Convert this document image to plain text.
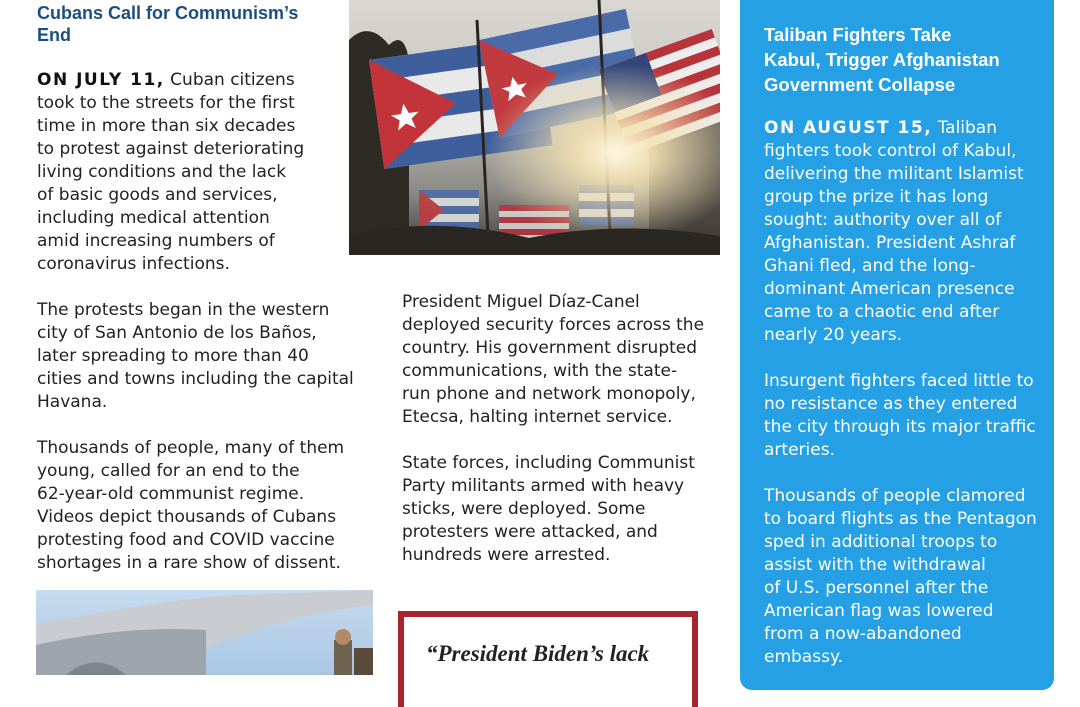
Cubans Call for Communism’s
End

ON JULY 11, Cuban citizens
took to the streets for the first
time in more than six decades
to protest against deteriorating
living conditions and the lack
of basic goods and services,
including medical attention
amid increasing numbers of
coronavirus infections.

The protests began in the western
city of San Antonio de los Baños,
later spreading to more than 40
cities and towns including the capital
Havana.

Thousands of people, many of them
young, called for an end to the
62-year-old communist regime.
Videos depict thousands of Cubans
protesting food and COVID vaccine
shortages in a rare show of dissent.

President Miguel Díaz-Canel
deployed security forces across the
country. His government disrupted
communications, with the state-
run phone and network monopoly,
Etecsa, halting internet service.

State forces, including Communist
Party militants armed with heavy
sticks, were deployed. Some
protesters were attacked, and
hundreds were arrested.

“President Biden’s lack

Taliban Fighters Take
Kabul, Trigger Afghanistan
Government Collapse

ON AUGUST 15, Taliban
fighters took control of Kabul,
delivering the militant Islamist
group the prize it has long
sought: authority over all of
Afghanistan. President Ashraf
Ghani fled, and the long-
dominant American presence
came to a chaotic end after
nearly 20 years.

Insurgent fighters faced little to
no resistance as they entered
the city through its major traffic
arteries.

Thousands of people clamored
to board flights as the Pentagon
sped in additional troops to
assist with the withdrawal
of U.S. personnel after the
American flag was lowered
from a now-abandoned
embassy.
